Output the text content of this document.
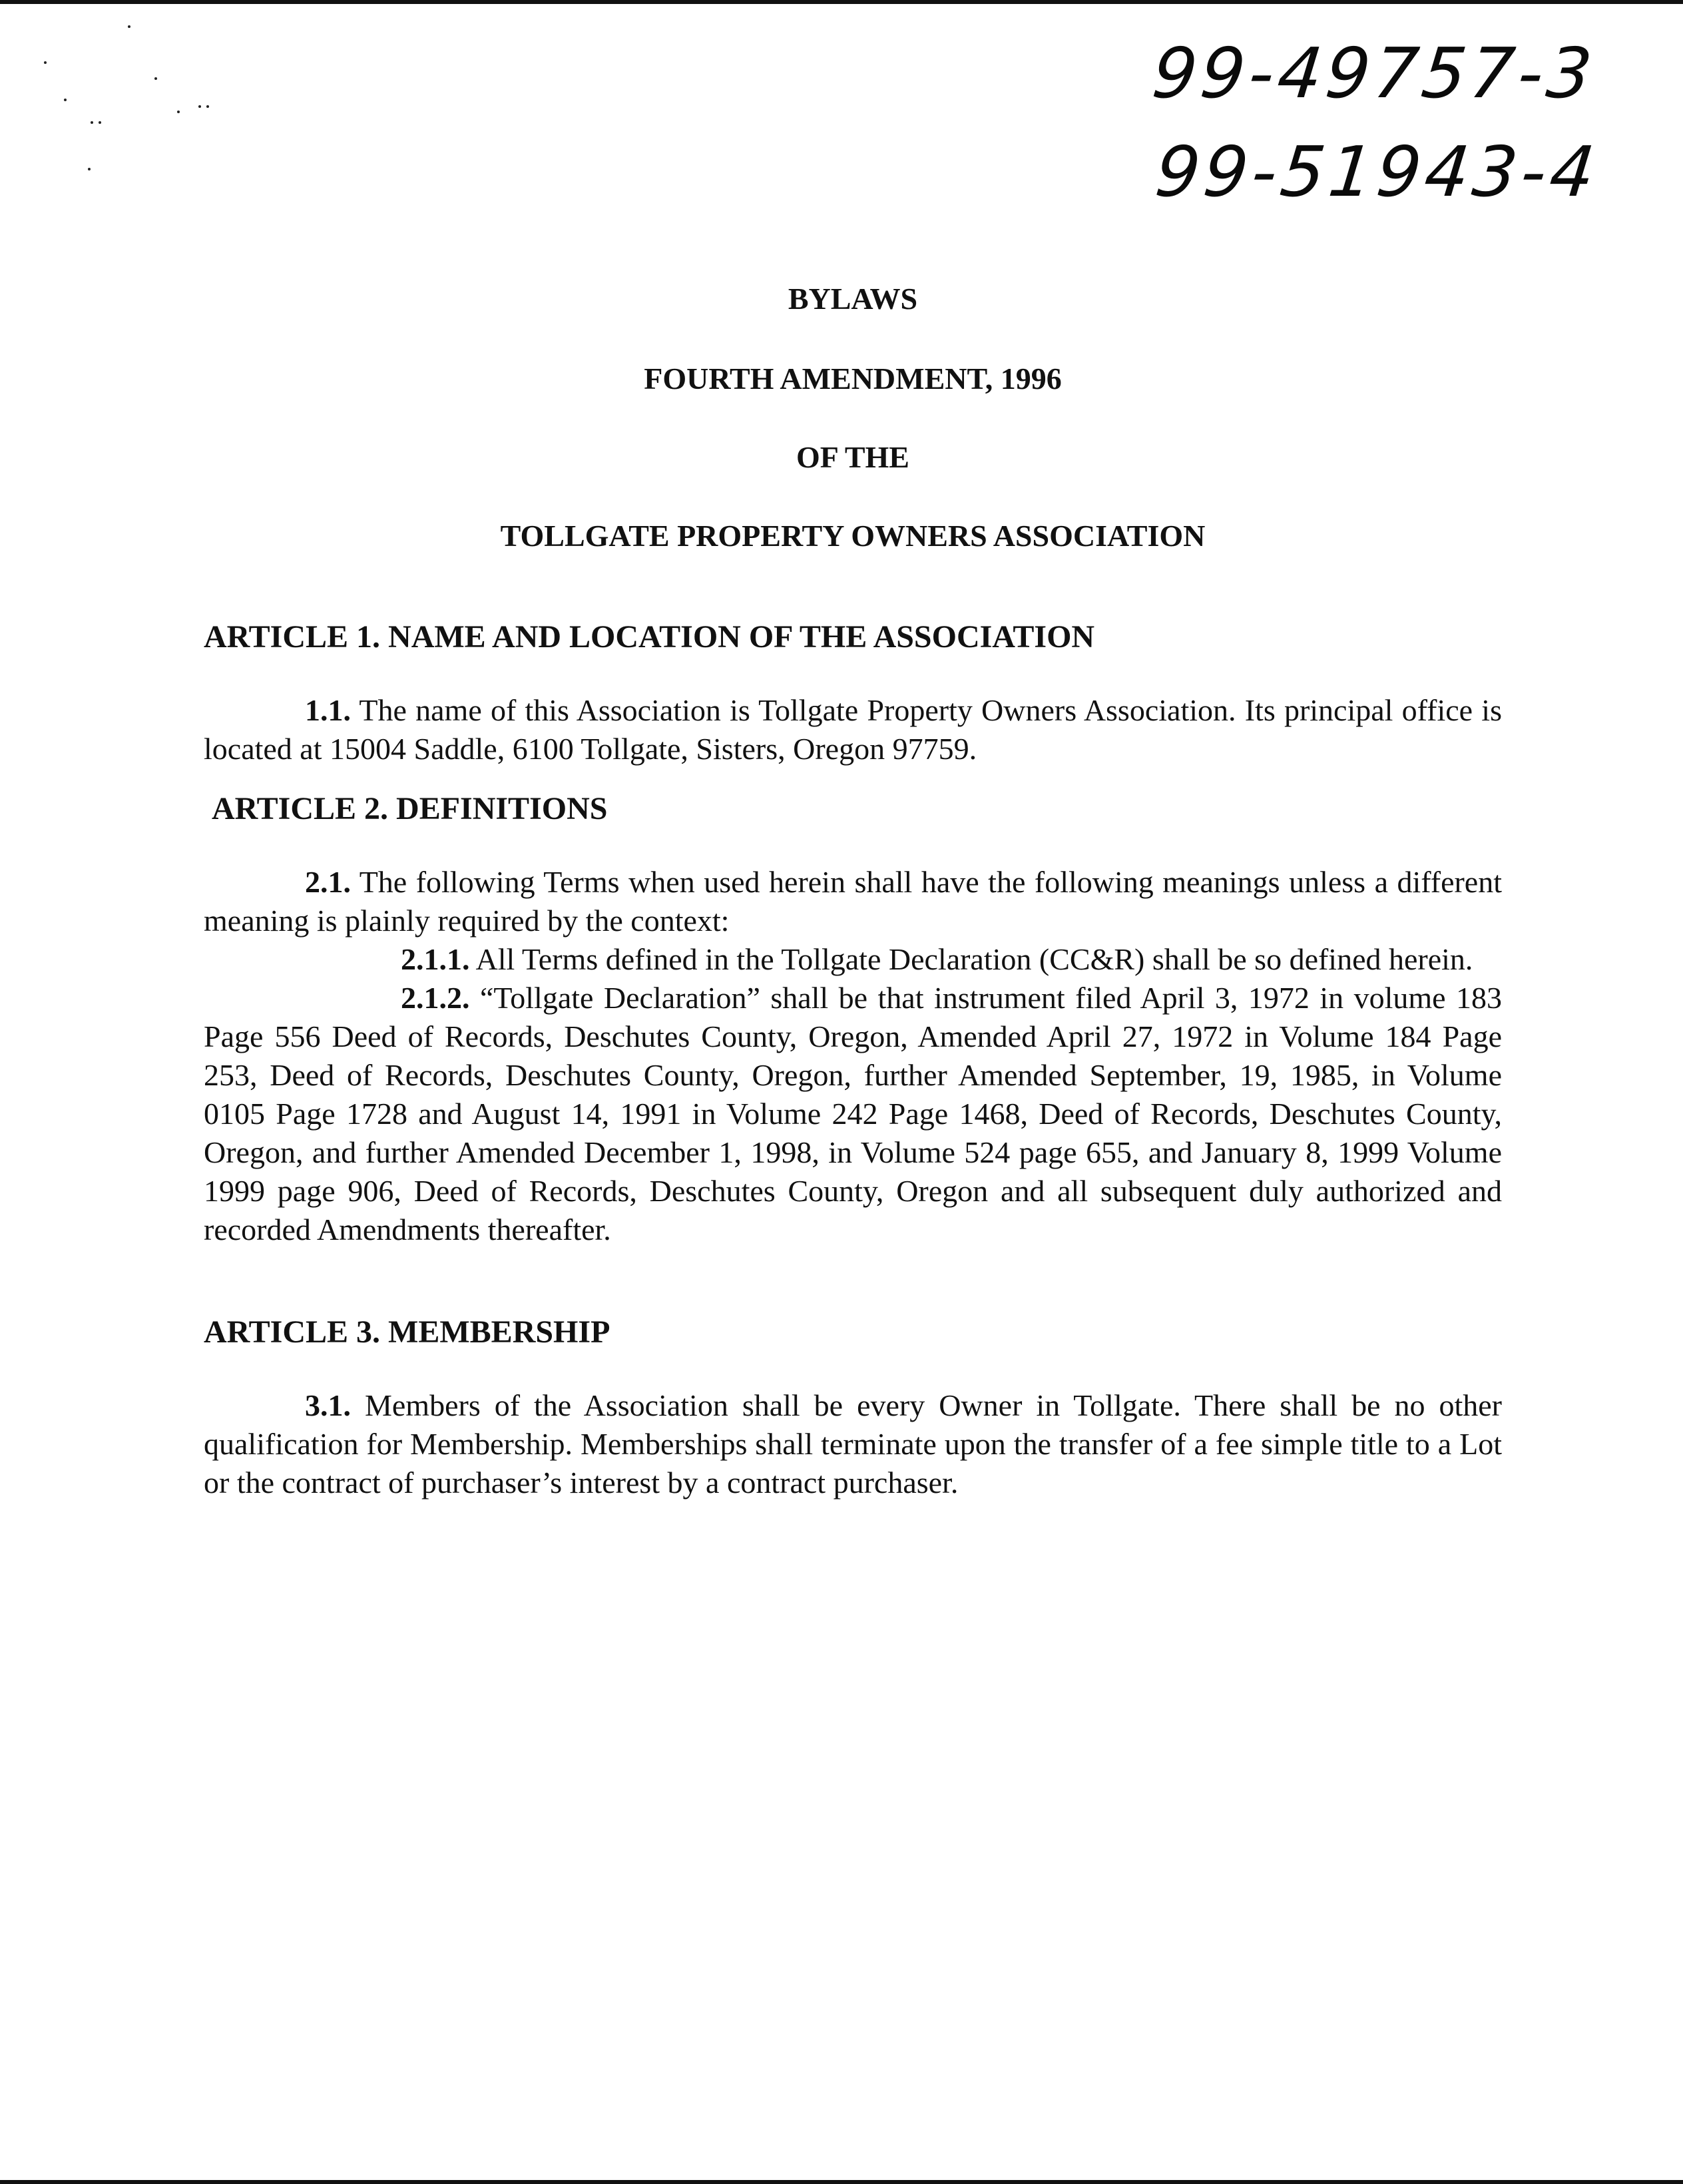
99-49757-3
99-51943-4
BYLAWS
FOURTH AMENDMENT, 1996
OF THE
TOLLGATE PROPERTY OWNERS ASSOCIATION
ARTICLE 1. NAME AND LOCATION OF THE ASSOCIATION

1.1. The name of this Association is Tollgate Property Owners Association. Its principal office is located at 15004 Saddle, 6100 Tollgate, Sisters, Oregon 97759.

ARTICLE 2. DEFINITIONS

2.1. The following Terms when used herein shall have the following meanings unless a different meaning is plainly required by the context:

2.1.1. All Terms defined in the Tollgate Declaration (CC&R) shall be so defined herein.

2.1.2. “Tollgate Declaration” shall be that instrument filed April 3, 1972 in volume 183 Page 556 Deed of Records, Deschutes County, Oregon, Amended April 27, 1972 in Volume 184 Page 253, Deed of Records, Deschutes County, Oregon, further Amended September, 19, 1985, in Volume 0105 Page 1728 and August 14, 1991 in Volume 242 Page 1468, Deed of Records, Deschutes County, Oregon, and further Amended December 1, 1998, in Volume 524 page 655, and January 8, 1999 Volume 1999 page 906, Deed of Records, Deschutes County, Oregon and all subsequent duly authorized and recorded Amendments thereafter.

ARTICLE 3. MEMBERSHIP

3.1. Members of the Association shall be every Owner in Tollgate. There shall be no other qualification for Membership. Memberships shall terminate upon the transfer of a fee simple title to a Lot or the contract of purchaser’s interest by a contract purchaser.
